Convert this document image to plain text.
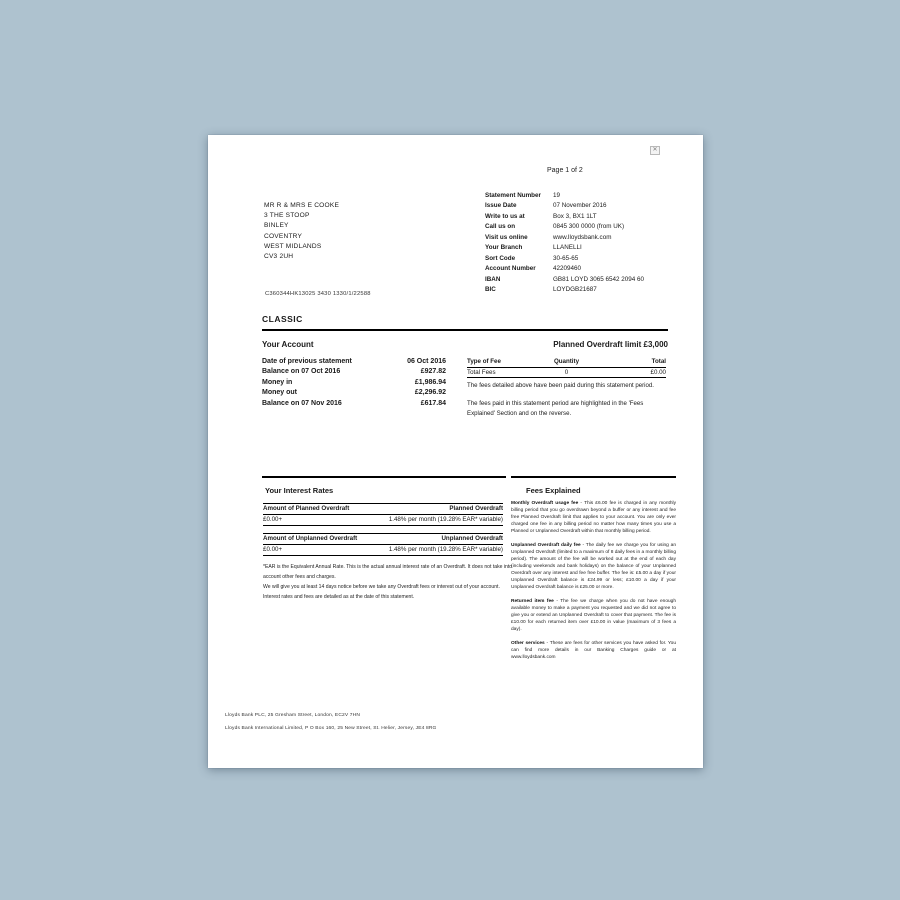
✕
Page 1 of 2
MR R & MRS E COOKE
3 THE STOOP
BINLEY
COVENTRY
WEST MIDLANDS
CV3 2UH
Statement Number	19
Issue Date	07 November 2016
Write to us at	Box 3, BX1 1LT
Call us on	0845 300 0000 (from UK)
Visit us online	www.lloydsbank.com
Your Branch	LLANELLI
Sort Code	30-65-65
Account Number	42209460
IBAN	GB81 LOYD 3065 6542 2094 60
BIC	LOYDGB21687
C360344HK13025 3430 1330/1/22588
CLASSIC
Your Account	Planned Overdraft limit £3,000
Date of previous statement	06 Oct 2016
Balance on 07 Oct 2016	£927.82
Money in	£1,986.94
Money out	£2,296.92
Balance on 07 Nov 2016	£617.84
Type of Fee	Quantity	Total
Total Fees	0	£0.00

The fees detailed above have been paid during this statement period.

The fees paid in this statement period are highlighted in the 'Fees Explained' Section and on the reverse.

Your Interest Rates
Amount of Planned Overdraft	Planned Overdraft
£0.00+	1.48% per month (19.28% EAR* variable)
Amount of Unplanned Overdraft	Unplanned Overdraft
£0.00+	1.48% per month (19.28% EAR* variable)
*EAR is the Equivalent Annual Rate. This is the actual annual interest rate of an Overdraft. It does not take into account other fees and charges.
We will give you at least 14 days notice before we take any Overdraft fees or interest out of your account. Interest rates and fees are detailed as at the date of this statement.
Fees Explained

Monthly Overdraft usage fee - This £6.00 fee is charged in any monthly billing period that you go overdrawn beyond a buffer or any interest and fee free Planned Overdraft limit that applies to your account. You are only ever charged one fee in any billing period no matter how many times you use a Planned or Unplanned Overdraft within that monthly billing period.

Unplanned Overdraft daily fee - The daily fee we charge you for using an Unplanned Overdraft (limited to a maximum of 8 daily fees in a monthly billing period). The amount of the fee will be worked out at the end of each day (including weekends and bank holidays) on the balance of your Unplanned Overdraft over any interest and fee free buffer. The fee is: £5.00 a day if your Unplanned Overdraft balance is £24.99 or less; £10.00 a day if your Unplanned Overdraft balance is £25.00 or more.

Returned item fee - The fee we charge when you do not have enough available money to make a payment you requested and we did not agree to give you or extend an Unplanned Overdraft to cover that payment. The fee is £10.00 for each returned item over £10.00 in value (maximum of 3 fees a day).

Other services - These are fees for other services you have asked for. You can find more details in our Banking Charges guide or at www.lloydsbank.com

Lloyds Bank PLC, 25 Gresham Street, London, EC2V 7HN
Lloyds Bank International Limited, P O Box 160, 25 New Street, St. Helier, Jersey, JE4 8RG
